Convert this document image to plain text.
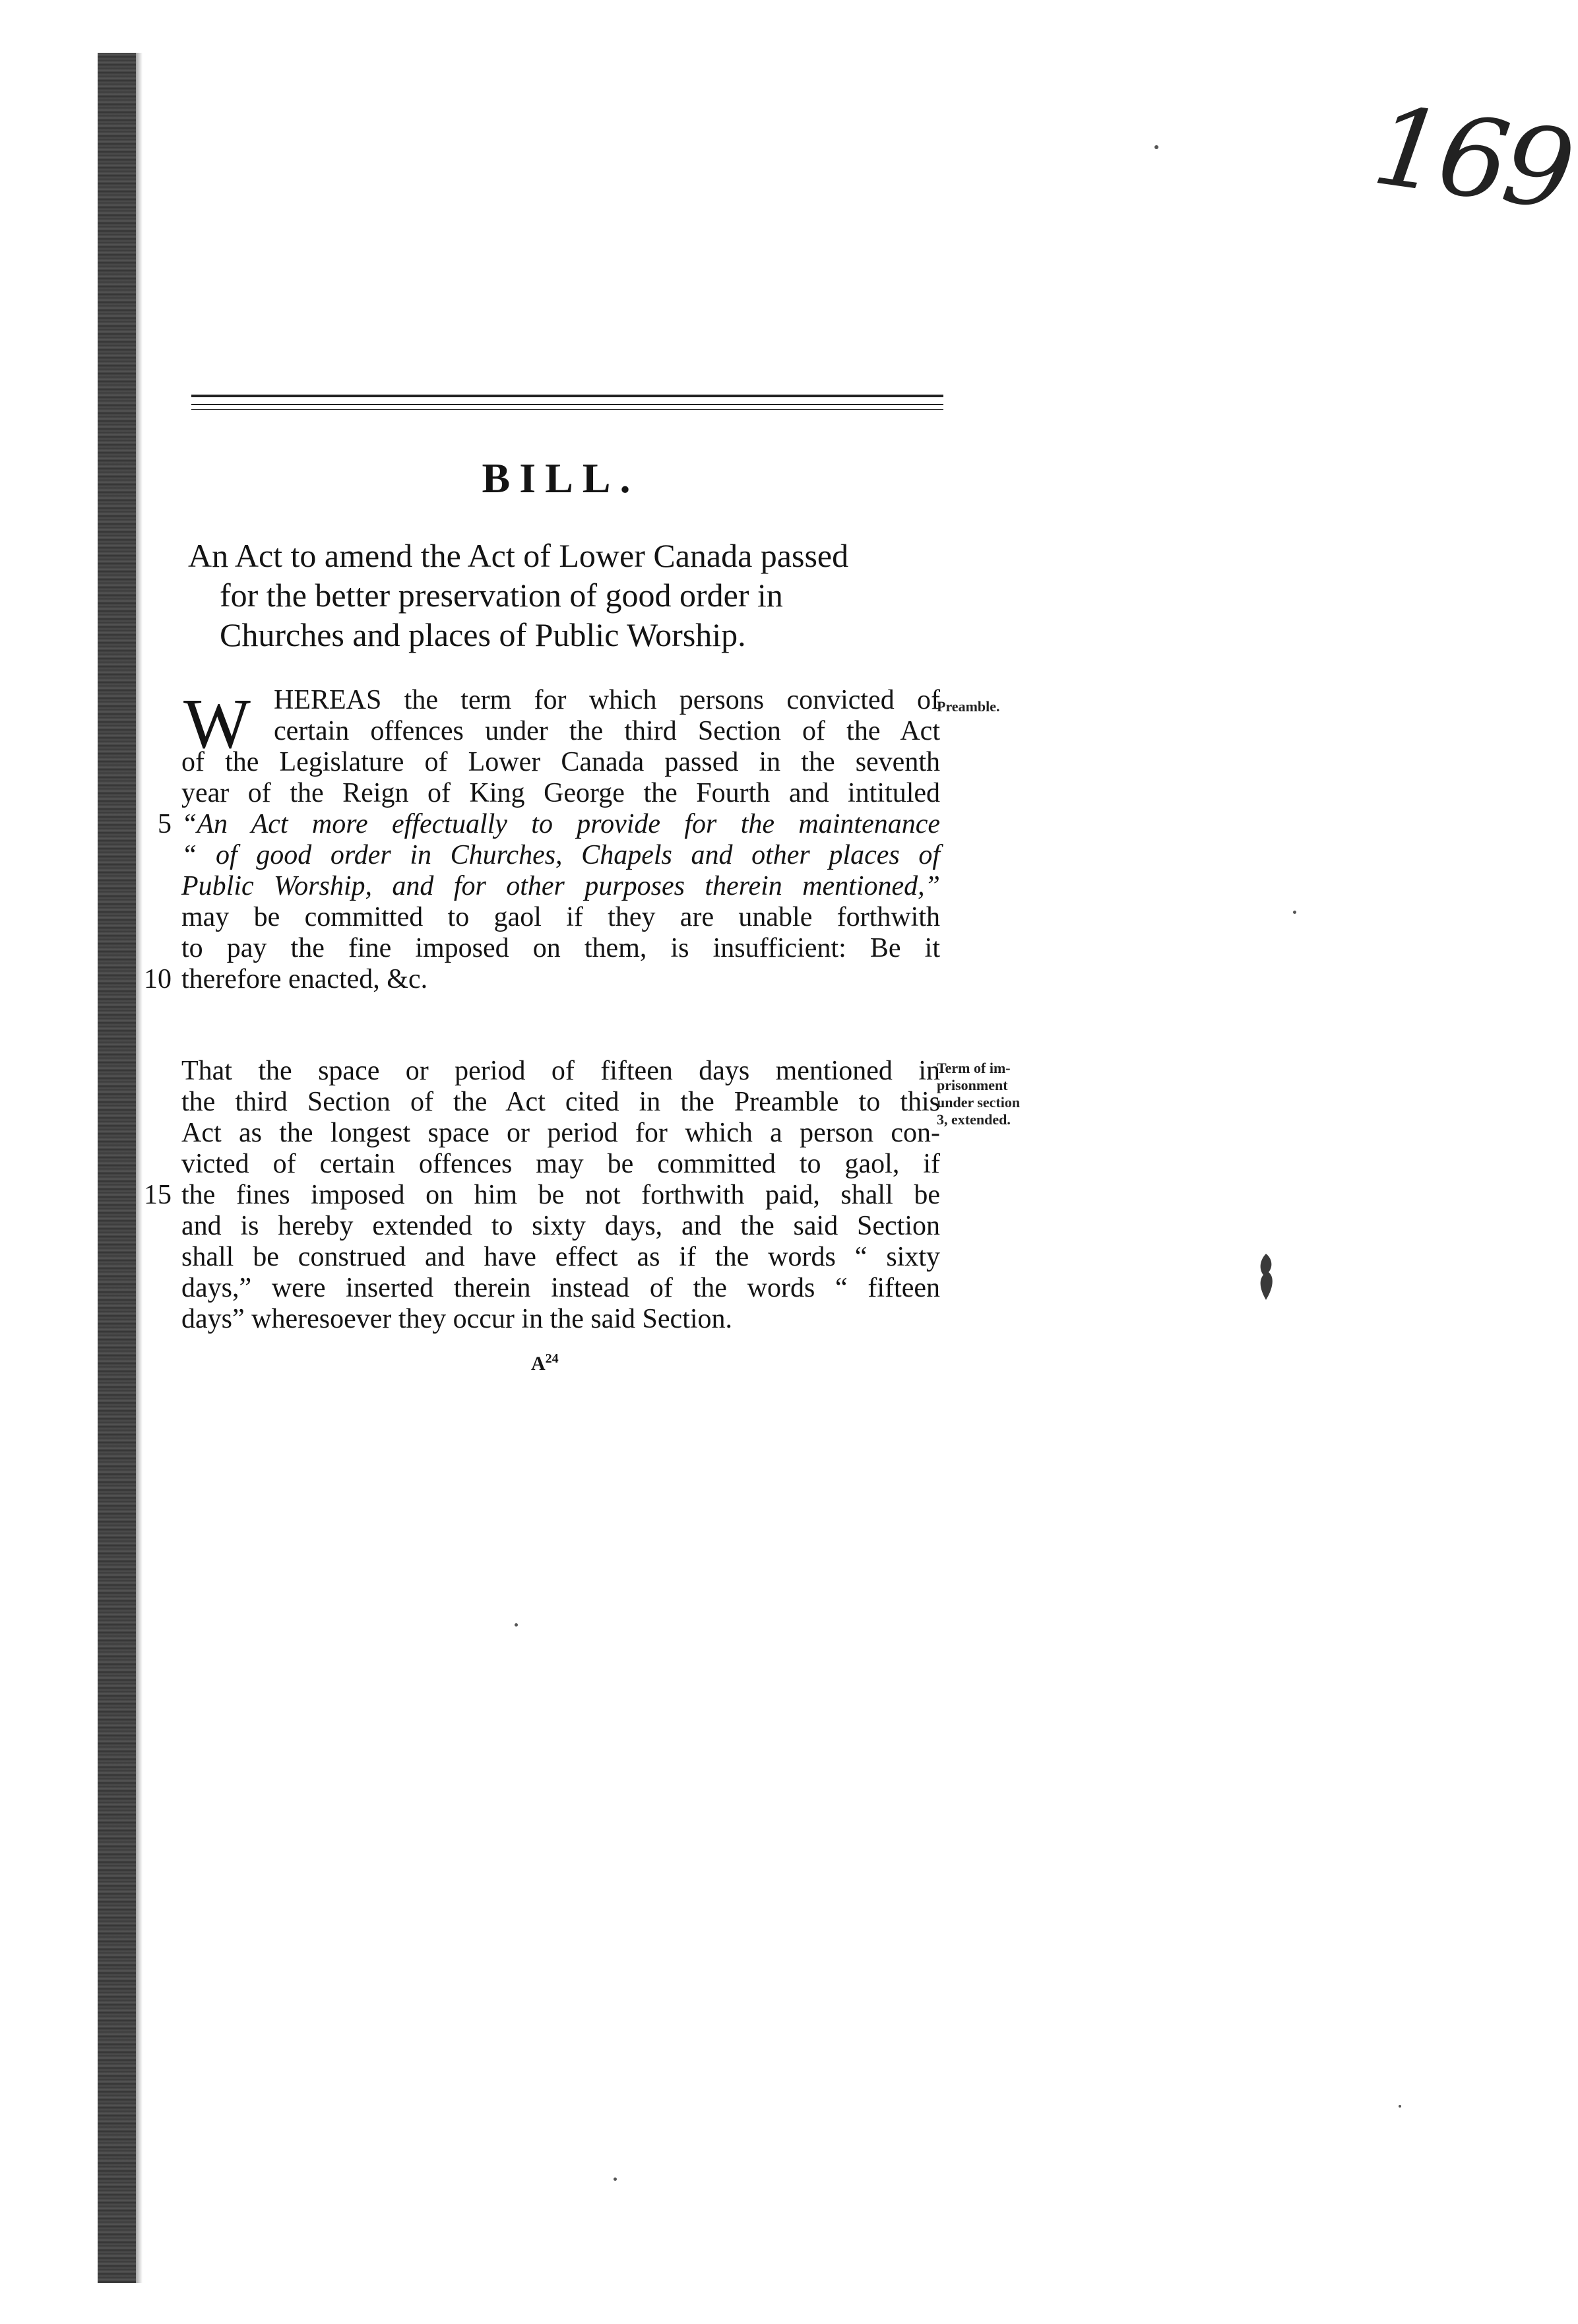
169
BILL.
An Act to amend the Act of Lower Canada passed
for the better preservation of good order in
Churches and places of Public Worship.
W HEREAS the term for which persons convicted of
certain offences under the third Section of the Act
of the Legislature of Lower Canada passed in the seventh
year of the Reign of King George the Fourth and intituled
“An Act more effectually to provide for the maintenance
“ of good order in Churches, Chapels and other places of
Public Worship, and for other purposes therein mentioned,”
may be committed to gaol if they are unable forthwith
to pay the fine imposed on them, is insufficient: Be it
therefore enacted, &c.
5
10
Preamble.
That the space or period of fifteen days mentioned in
the third Section of the Act cited in the Preamble to this
Act as the longest space or period for which a person con-
victed of certain offences may be committed to gaol, if
the fines imposed on him be not forthwith paid, shall be
and is hereby extended to sixty days, and the said Section
shall be construed and have effect as if the words “ sixty
days,” were inserted therein instead of the words “ fifteen
days” wheresoever they occur in the said Section.
15
Term of im-
prisonment
under section
3, extended.
$A^{24}$
